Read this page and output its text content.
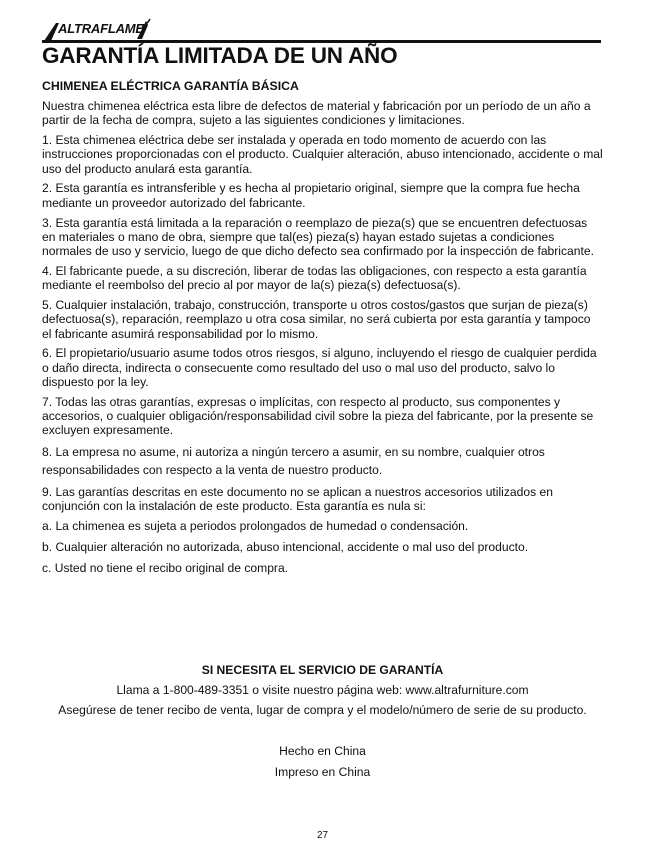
ALTRAFLAME
GARANTÍA LIMITADA DE UN AÑO
CHIMENEA ELÉCTRICA GARANTÍA BÁSICA

Nuestra chimenea eléctrica esta libre de defectos de material y fabricación por un período de un año a partir de la fecha de compra, sujeto a las siguientes condiciones y limitaciones.

1. Esta chimenea eléctrica debe ser instalada y operada en todo momento de acuerdo con las instrucciones proporcionadas con el producto. Cualquier alteración, abuso intencionado, accidente o mal uso del producto anulará esta garantía.

2. Esta garantía es intransferible y es hecha al propietario original, siempre que la compra fue hecha mediante un proveedor autorizado del fabricante.

3. Esta garantía está limitada a la reparación o reemplazo de pieza(s) que se encuentren defectuosas en materiales o mano de obra, siempre que tal(es) pieza(s) hayan estado sujetas a condiciones normales de uso y servicio, luego de que dicho defecto sea confirmado por la inspección de fabricante.

4. El fabricante puede, a su discreción, liberar de todas las obligaciones, con respecto a esta garantía mediante el reembolso del precio al por mayor de la(s) pieza(s) defectuosa(s).

5. Cualquier instalación, trabajo, construcción, transporte u otros costos/gastos que surjan de pieza(s) defectuosa(s), reparación, reemplazo u otra cosa similar, no será cubierta por esta garantía y tampoco el fabricante asumirá responsabilidad por lo mismo.

6. El propietario/usuario asume todos otros riesgos, si alguno, incluyendo el riesgo de cualquier perdida o daño directa, indirecta o consecuente como resultado del uso o mal uso del producto, salvo lo dispuesto por la ley.

7. Todas las otras garantías, expresas o implícitas, con respecto al producto, sus componentes y accesorios, o cualquier obligación/responsabilidad civil sobre la pieza del fabricante, por la presente se excluyen expresamente.

8. La empresa no asume, ni autoriza a ningún tercero a asumir, en su nombre, cualquier otros responsabilidades con respecto a la venta de nuestro producto.

9. Las garantías descritas en este documento no se aplican a nuestros accesorios utilizados en conjunción con la instalación de este producto. Esta garantía es nula si:

a. La chimenea es sujeta a periodos prolongados de humedad o condensación.

b. Cualquier alteración no autorizada, abuso intencional, accidente o mal uso del producto.

c. Usted no tiene el recibo original de compra.

SI NECESITA EL SERVICIO DE GARANTÍA
Llama a 1-800-489-3351 o visite nuestro página web: www.altrafurniture.com
Asegúrese de tener recibo de venta, lugar de compra y el modelo/número de serie de su producto.
Hecho en China
Impreso en China
27
